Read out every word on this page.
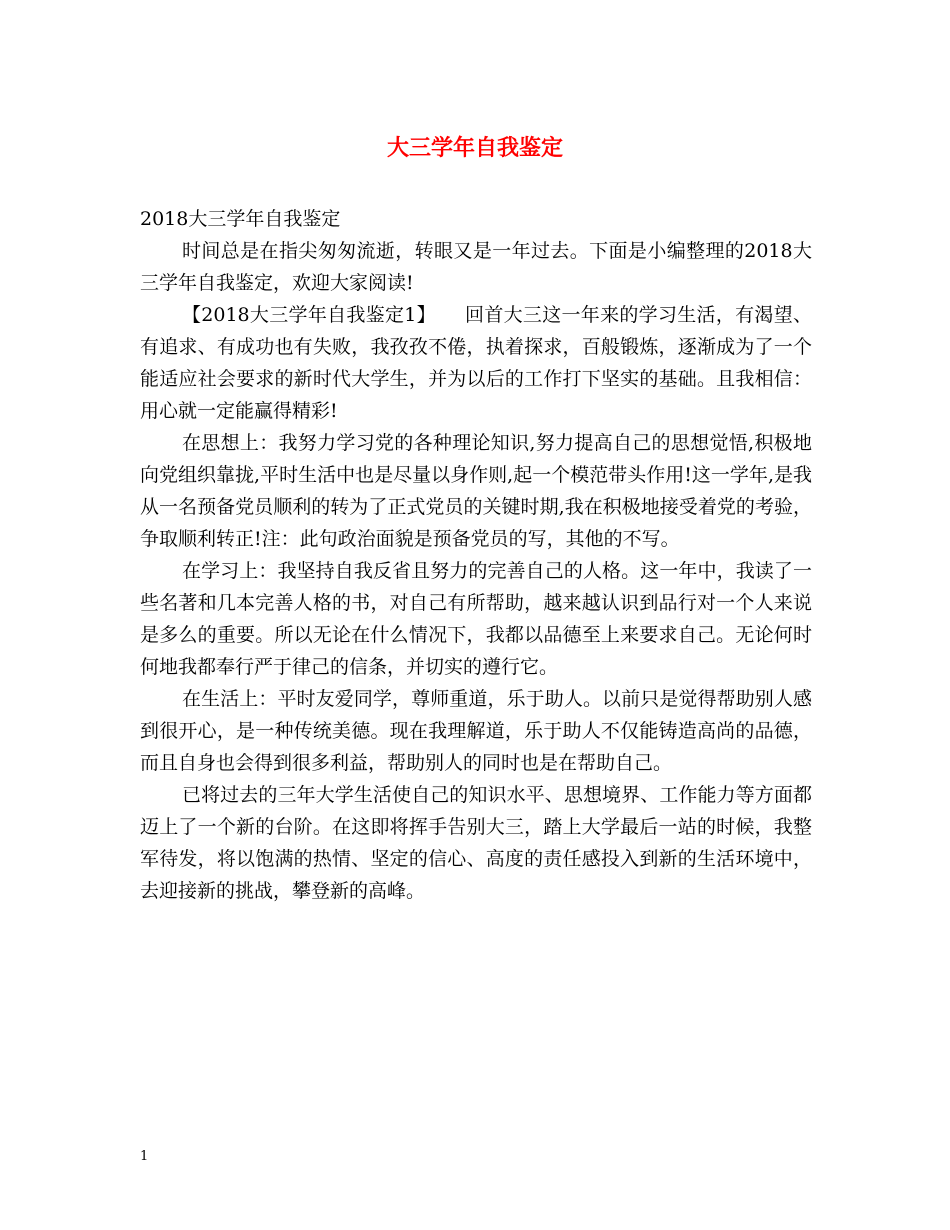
大三学年自我鉴定

2018大三学年自我鉴定

时间总是在指尖匆匆流逝，转眼又是一年过去。下面是小编整理的2018大三学年自我鉴定，欢迎大家阅读!

【2018大三学年自我鉴定1】　　回首大三这一年来的学习生活，有渴望、有追求、有成功也有失败，我孜孜不倦，执着探求，百般锻炼，逐渐成为了一个能适应社会要求的新时代大学生，并为以后的工作打下坚实的基础。且我相信：用心就一定能赢得精彩!

在思想上：我努力学习党的各种理论知识,努力提高自己的思想觉悟,积极地向党组织靠拢,平时生活中也是尽量以身作则,起一个模范带头作用!这一学年,是我从一名预备党员顺利的转为了正式党员的关键时期,我在积极地接受着党的考验，争取顺利转正!注：此句政治面貌是预备党员的写，其他的不写。

在学习上：我坚持自我反省且努力的完善自己的人格。这一年中，我读了一些名著和几本完善人格的书，对自己有所帮助，越来越认识到品行对一个人来说是多么的重要。所以无论在什么情况下，我都以品德至上来要求自己。无论何时何地我都奉行严于律己的信条，并切实的遵行它。

在生活上：平时友爱同学，尊师重道，乐于助人。以前只是觉得帮助别人感到很开心，是一种传统美德。现在我理解道，乐于助人不仅能铸造高尚的品德，而且自身也会得到很多利益，帮助别人的同时也是在帮助自己。

已将过去的三年大学生活使自己的知识水平、思想境界、工作能力等方面都迈上了一个新的台阶。在这即将挥手告别大三，踏上大学最后一站的时候，我整军待发，将以饱满的热情、坚定的信心、高度的责任感投入到新的生活环境中，去迎接新的挑战，攀登新的高峰。

1
